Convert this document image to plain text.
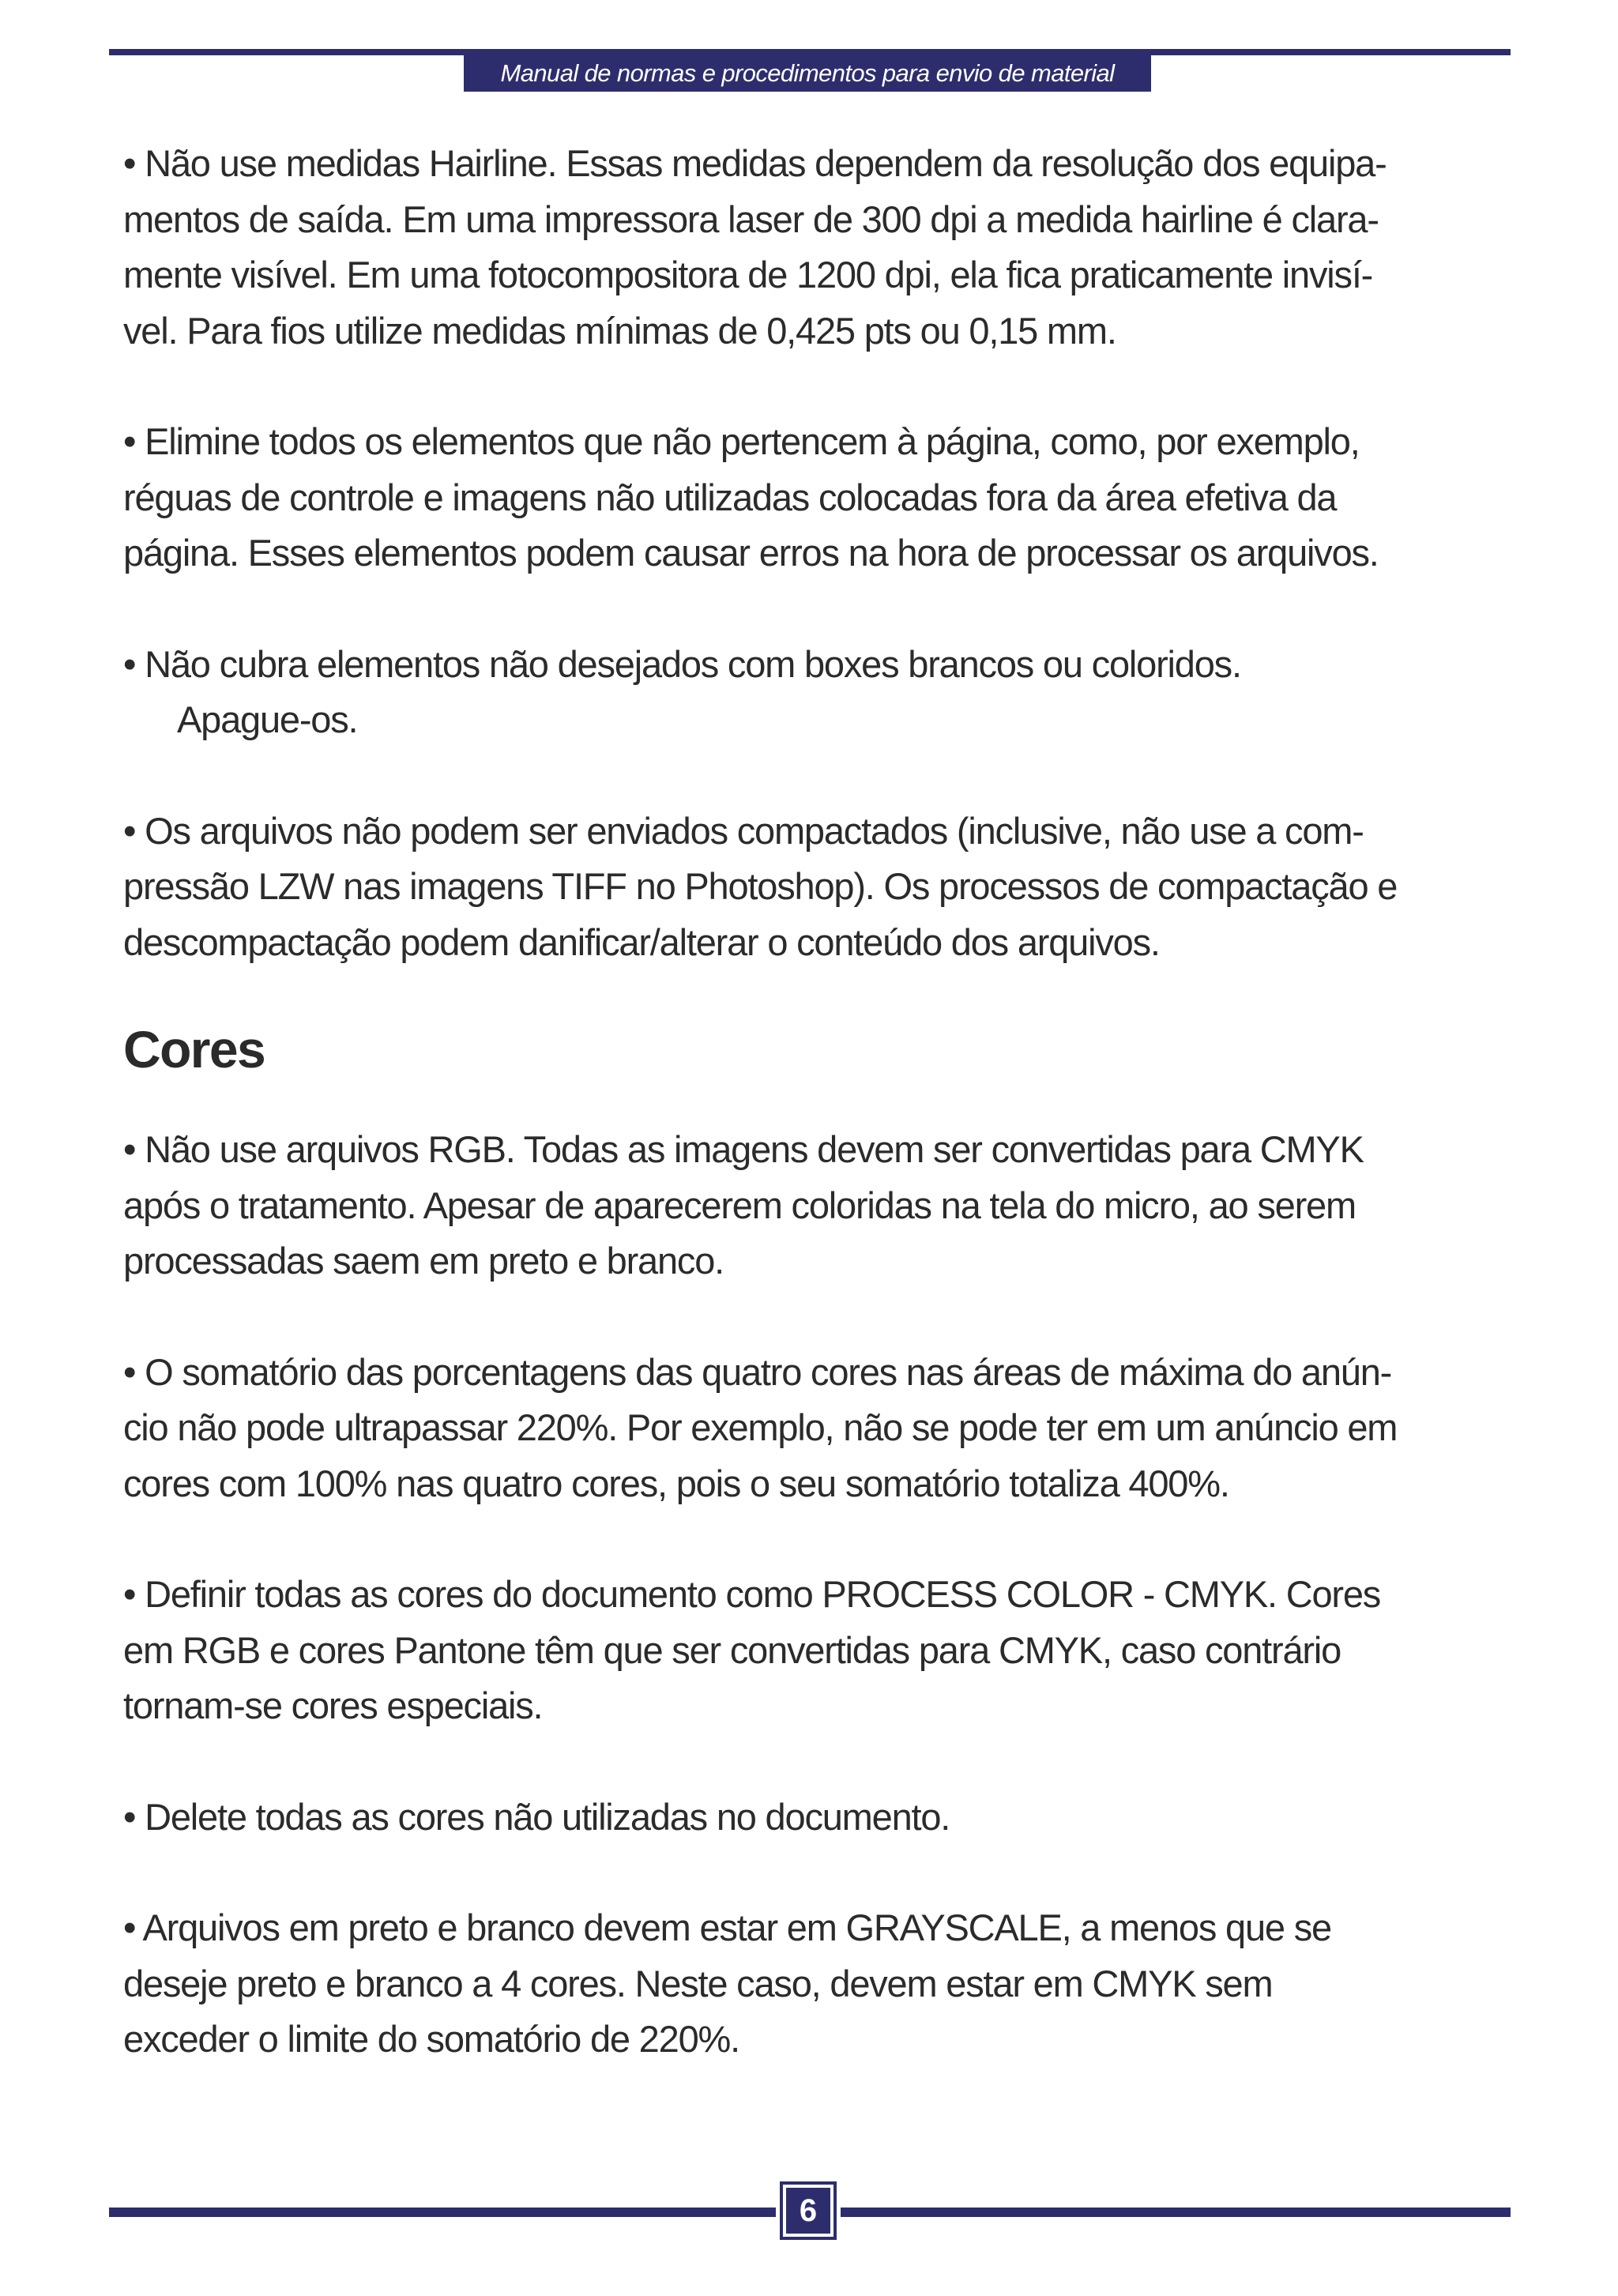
Manual de normas e procedimentos para envio de material

• Não use medidas Hairline. Essas medidas dependem da resolução dos equipa-
mentos de saída. Em uma impressora laser de 300 dpi a medida hairline é clara-
mente visível. Em uma fotocompositora de 1200 dpi, ela fica praticamente invisí-
vel. Para fios utilize medidas mínimas de 0,425 pts ou 0,15 mm.

• Elimine todos os elementos que não pertencem à página, como, por exemplo,
réguas de controle e imagens não utilizadas colocadas fora da área efetiva da
página. Esses elementos podem causar erros na hora de processar os arquivos.

• Não cubra elementos não desejados com boxes brancos ou coloridos.
Apague-os.

• Os arquivos não podem ser enviados compactados (inclusive, não use a com-
pressão LZW nas imagens TIFF no Photoshop). Os processos de compactação e
descompactação podem danificar/alterar o conteúdo dos arquivos.

Cores

• Não use arquivos RGB. Todas as imagens devem ser convertidas para CMYK
após o tratamento. Apesar de aparecerem coloridas na tela do micro, ao serem
processadas saem em preto e branco.

• O somatório das porcentagens das quatro cores nas áreas de máxima do anún-
cio não pode ultrapassar 220%. Por exemplo, não se pode ter em um anúncio em
cores com 100% nas quatro cores, pois o seu somatório totaliza 400%.

• Definir todas as cores do documento como PROCESS COLOR - CMYK. Cores
em RGB e cores Pantone têm que ser convertidas para CMYK, caso contrário
tornam-se cores especiais.

• Delete todas as cores não utilizadas no documento.

• Arquivos em preto e branco devem estar em GRAYSCALE, a menos que se
deseje preto e branco a 4 cores. Neste caso, devem estar em CMYK sem
exceder o limite do somatório de 220%.

6
